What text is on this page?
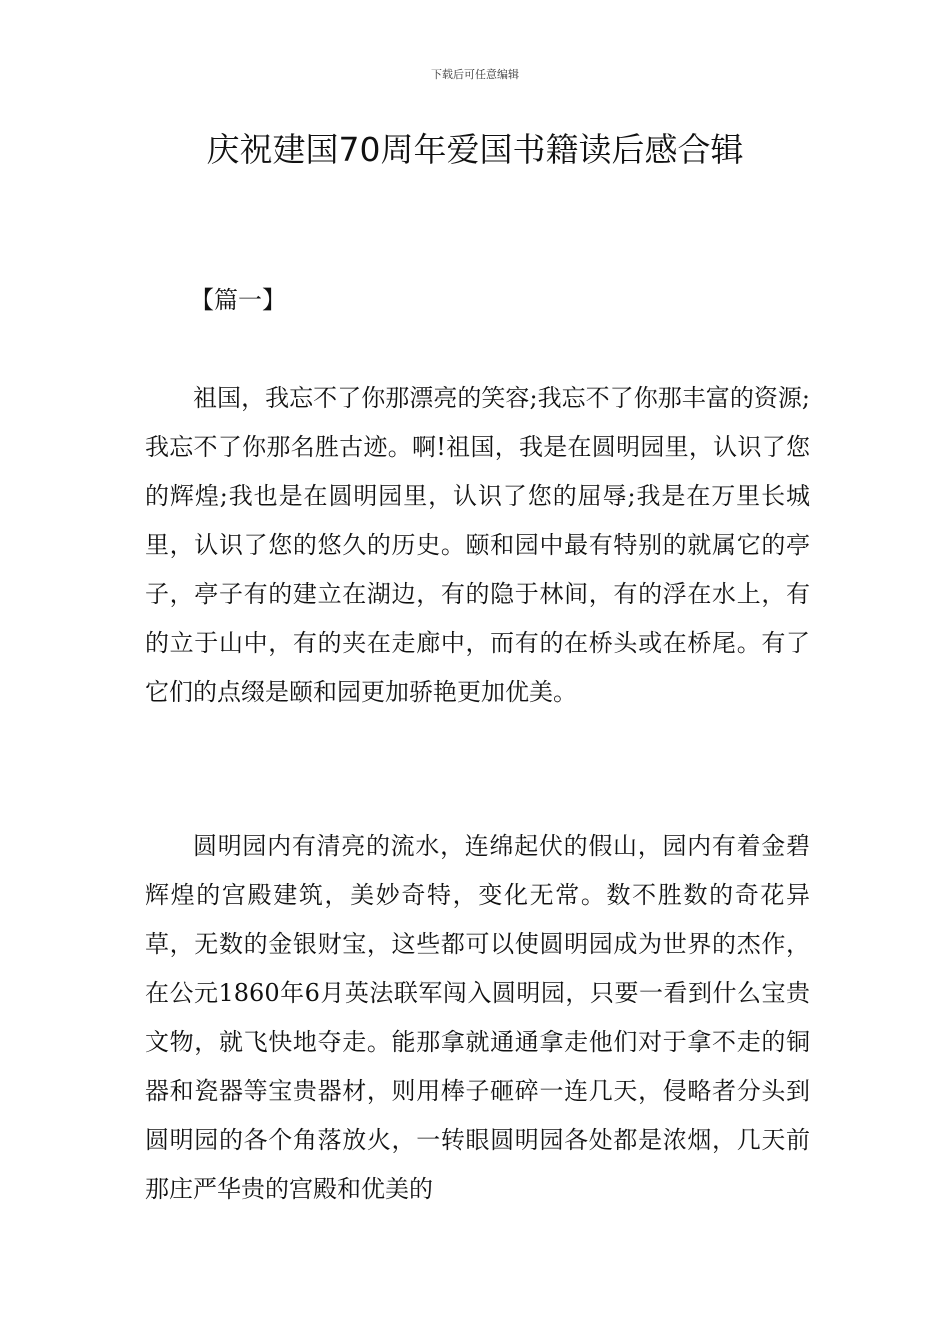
下载后可任意编辑
庆祝建国70周年爱国书籍读后感合辑
【篇一】

祖国，我忘不了你那漂亮的笑容;我忘不了你那丰富的资源;我忘不了你那名胜古迹。啊!祖国，我是在圆明园里，认识了您的辉煌;我也是在圆明园里，认识了您的屈辱;我是在万里长城里，认识了您的悠久的历史。颐和园中最有特别的就属它的亭子，亭子有的建立在湖边，有的隐于林间，有的浮在水上，有的立于山中，有的夹在走廊中，而有的在桥头或在桥尾。有了它们的点缀是颐和园更加骄艳更加优美。

圆明园内有清亮的流水，连绵起伏的假山，园内有着金碧辉煌的宫殿建筑，美妙奇特，变化无常。数不胜数的奇花异草，无数的金银财宝，这些都可以使圆明园成为世界的杰作，在公元1860年6月英法联军闯入圆明园，只要一看到什么宝贵文物，就飞快地夺走。能那拿就通通拿走他们对于拿不走的铜器和瓷器等宝贵器材，则用棒子砸碎一连几天，侵略者分头到圆明园的各个角落放火，一转眼圆明园各处都是浓烟，几天前那庄严华贵的宫殿和优美的
